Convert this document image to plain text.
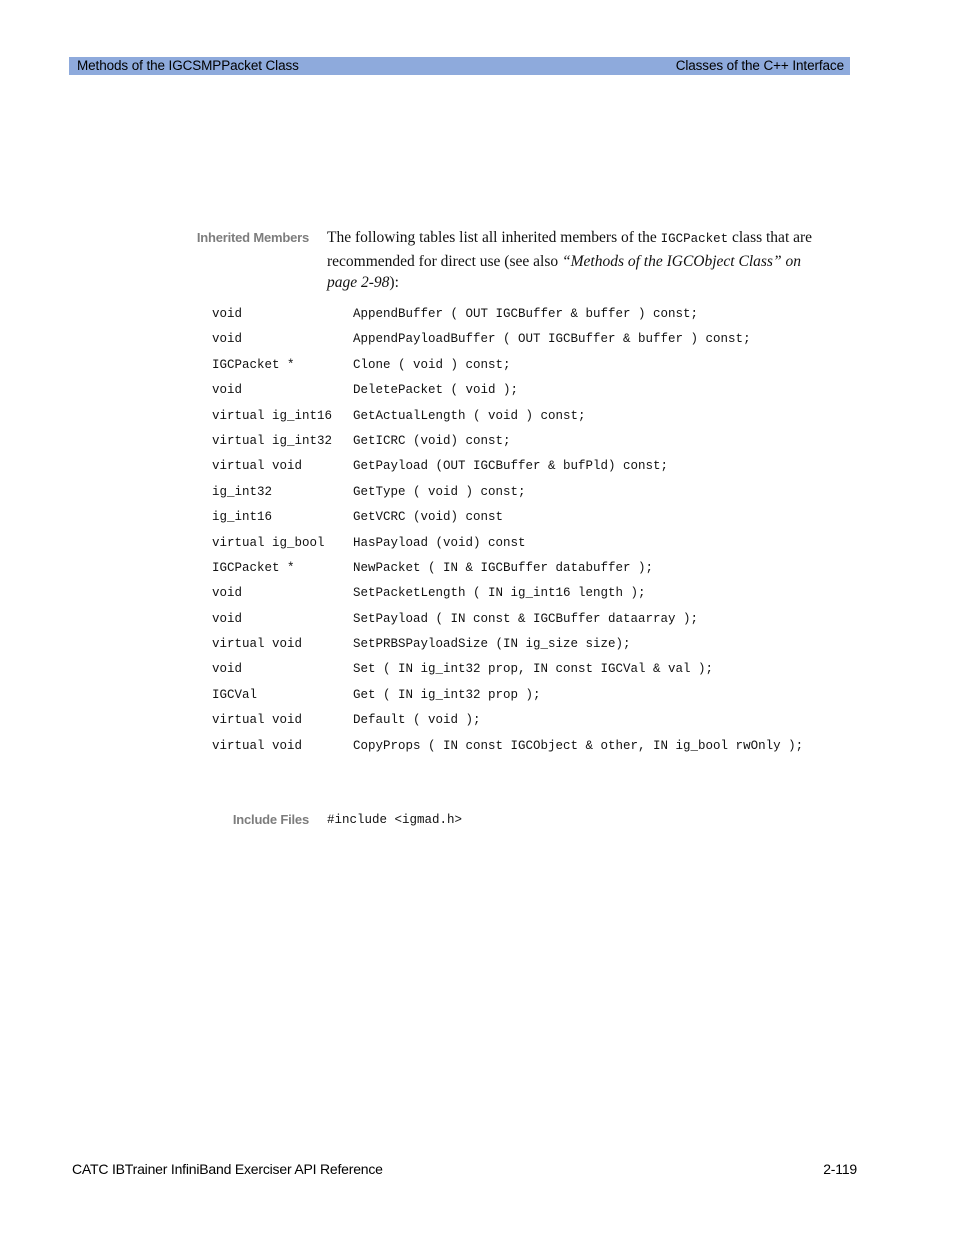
Methods of the IGCSMPPacket Class	Classes of the C++ Interface
Inherited Members The following tables list all inherited members of the IGCPacket class that are recommended for direct use (see also “Methods of the IGCObject Class” on page 2-98):
void	AppendBuffer ( OUT IGCBuffer & buffer ) const;
void	AppendPayloadBuffer ( OUT IGCBuffer & buffer ) const;
IGCPacket *	Clone ( void ) const;
void	DeletePacket ( void );
virtual ig_int16 GetActualLength ( void ) const;
virtual ig_int32 GetICRC (void) const;
virtual void	GetPayload (OUT IGCBuffer & bufPld) const;
ig_int32	GetType ( void ) const;
ig_int16	GetVCRC (void) const
virtual ig_bool HasPayload (void) const
IGCPacket *	NewPacket ( IN & IGCBuffer databuffer );
void	SetPacketLength ( IN ig_int16 length );
void	SetPayload ( IN const & IGCBuffer dataarray );
virtual void	SetPRBSPayloadSize (IN ig_size size);
void	Set ( IN ig_int32 prop, IN const IGCVal & val );
IGCVal	Get ( IN ig_int32 prop );
virtual void	Default ( void );
virtual void	CopyProps ( IN const IGCObject & other, IN ig_bool rwOnly );
Include Files #include <igmad.h>
CATC IBTrainer InfiniBand Exerciser API Reference	2-119
